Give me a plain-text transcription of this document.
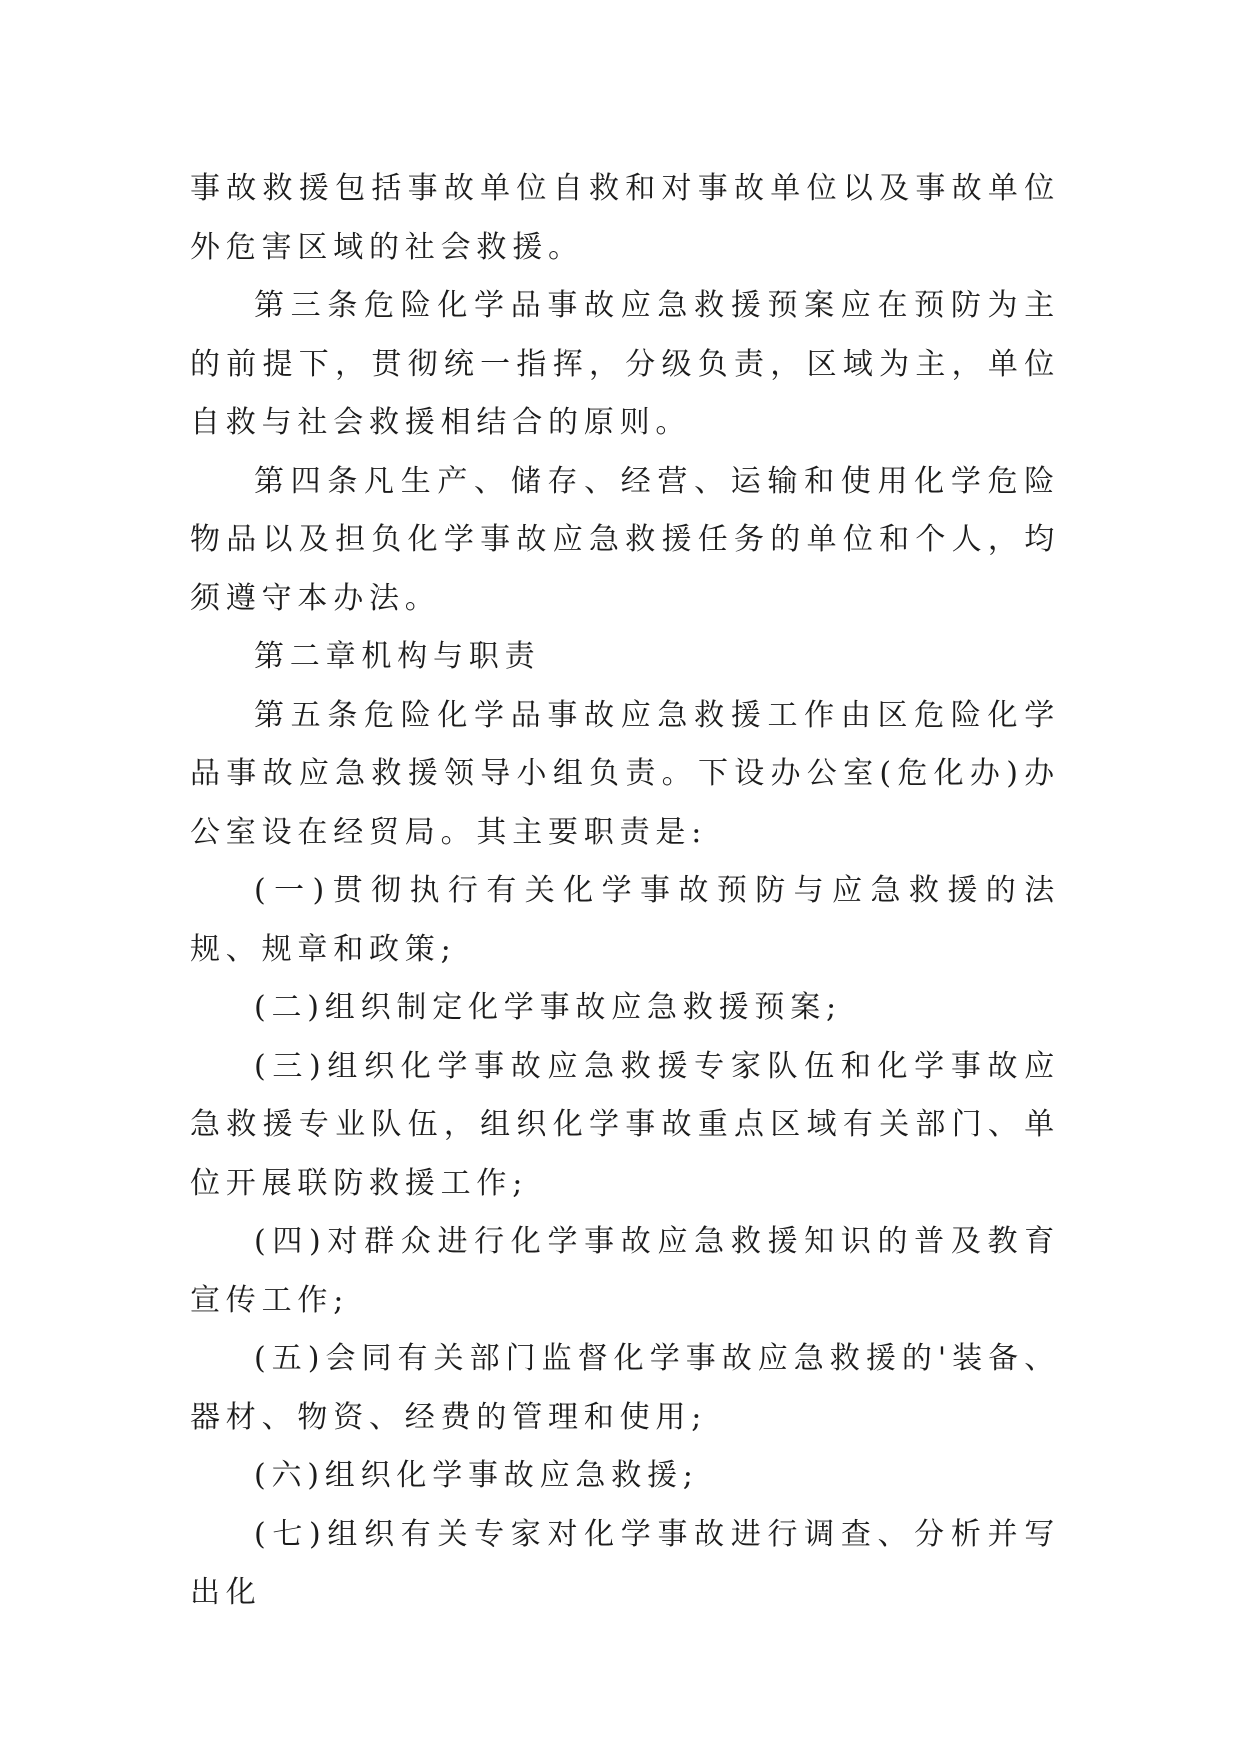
事故救援包括事故单位自救和对事故单位以及事故单位外危害区域的社会救援。

第三条危险化学品事故应急救援预案应在预防为主的前提下，贯彻统一指挥，分级负责，区域为主，单位自救与社会救援相结合的原则。

第四条凡生产、储存、经营、运输和使用化学危险物品以及担负化学事故应急救援任务的单位和个人，均须遵守本办法。

第二章机构与职责

第五条危险化学品事故应急救援工作由区危险化学品事故应急救援领导小组负责。下设办公室(危化办)办公室设在经贸局。其主要职责是:

(一)贯彻执行有关化学事故预防与应急救援的法规、规章和政策;

(二)组织制定化学事故应急救援预案;

(三)组织化学事故应急救援专家队伍和化学事故应急救援专业队伍，组织化学事故重点区域有关部门、单位开展联防救援工作;

(四)对群众进行化学事故应急救援知识的普及教育宣传工作;

(五)会同有关部门监督化学事故应急救援的'装备、器材、物资、经费的管理和使用;

(六)组织化学事故应急救援;

(七)组织有关专家对化学事故进行调查、分析并写出化
